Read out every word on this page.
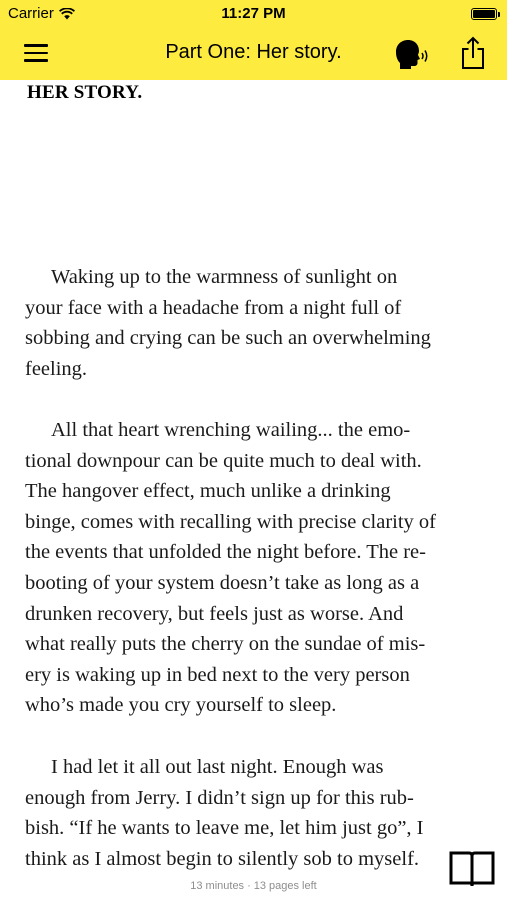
Carrier	11:27 PM
Part One: Her story.
HER STORY.
Waking up to the warmness of sunlight on
your face with a headache from a night full of
sobbing and crying can be such an overwhelming
feeling.
All that heart wrenching wailing... the emo-
tional downpour can be quite much to deal with.
The hangover effect, much unlike a drinking
binge, comes with recalling with precise clarity of
the events that unfolded the night before. The re-
booting of your system doesn’t take as long as a
drunken recovery, but feels just as worse. And
what really puts the cherry on the sundae of mis-
ery is waking up in bed next to the very person
who’s made you cry yourself to sleep.
I had let it all out last night. Enough was
enough from Jerry. I didn’t sign up for this rub-
bish. “If he wants to leave me, let him just go”, I
think as I almost begin to silently sob to myself.
13 minutes · 13 pages left
